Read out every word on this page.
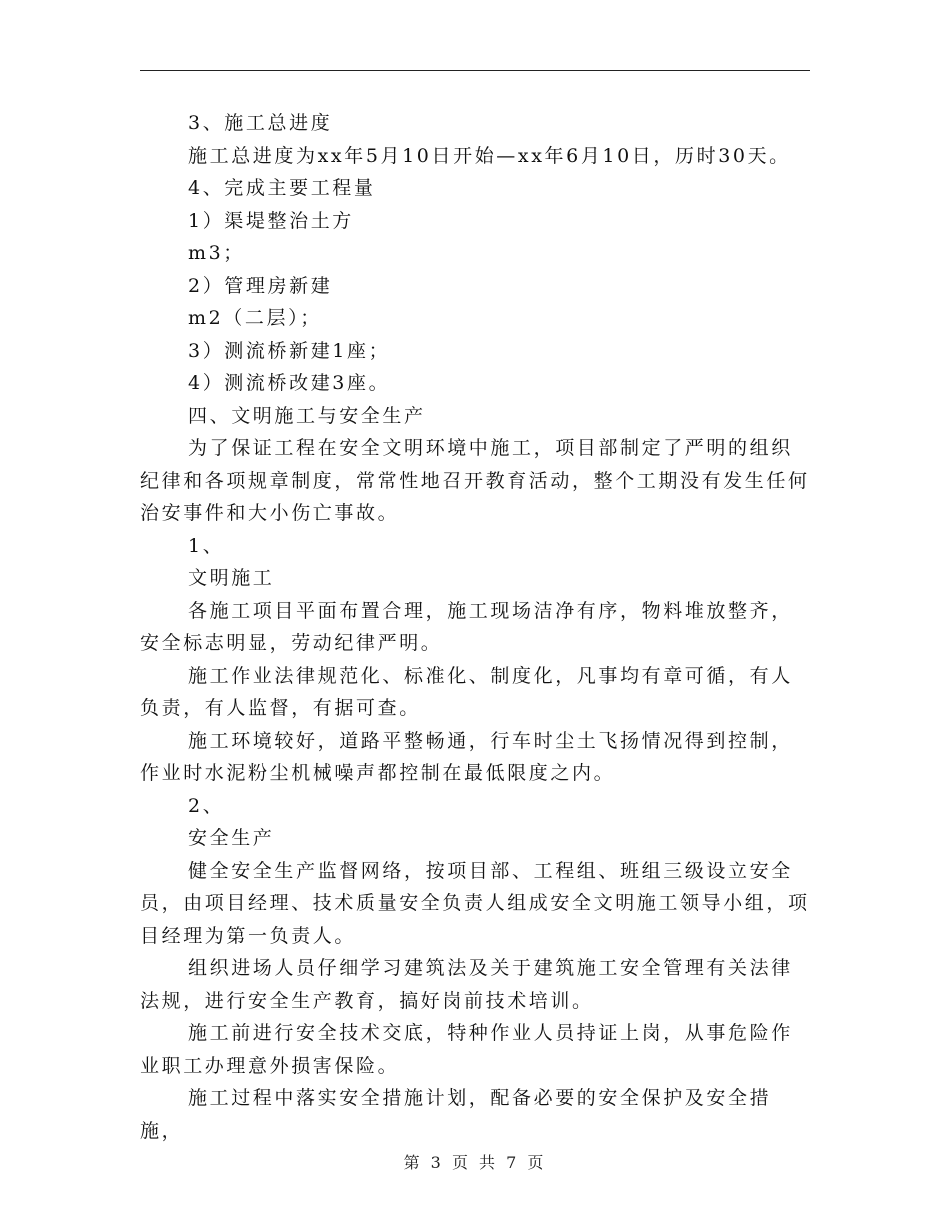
3、施工总进度

施工总进度为xx年5月10日开始—xx年6月10日，历时30天。

4、完成主要工程量

1）渠堤整治土方

m3；

2）管理房新建

m2（二层）；

3）测流桥新建1座；

4）测流桥改建3座。

四、文明施工与安全生产

为了保证工程在安全文明环境中施工，项目部制定了严明的组织纪律和各项规章制度，常常性地召开教育活动，整个工期没有发生任何治安事件和大小伤亡事故。

1、

文明施工

各施工项目平面布置合理，施工现场洁净有序，物料堆放整齐，安全标志明显，劳动纪律严明。

施工作业法律规范化、标准化、制度化，凡事均有章可循，有人负责，有人监督，有据可查。

施工环境较好，道路平整畅通，行车时尘土飞扬情况得到控制，作业时水泥粉尘机械噪声都控制在最低限度之内。

2、

安全生产

健全安全生产监督网络，按项目部、工程组、班组三级设立安全员，由项目经理、技术质量安全负责人组成安全文明施工领导小组，项目经理为第一负责人。

组织进场人员仔细学习建筑法及关于建筑施工安全管理有关法律法规，进行安全生产教育，搞好岗前技术培训。

施工前进行安全技术交底，特种作业人员持证上岗，从事危险作业职工办理意外损害保险。

施工过程中落实安全措施计划，配备必要的安全保护及安全措施，

第 3 页 共 7 页
